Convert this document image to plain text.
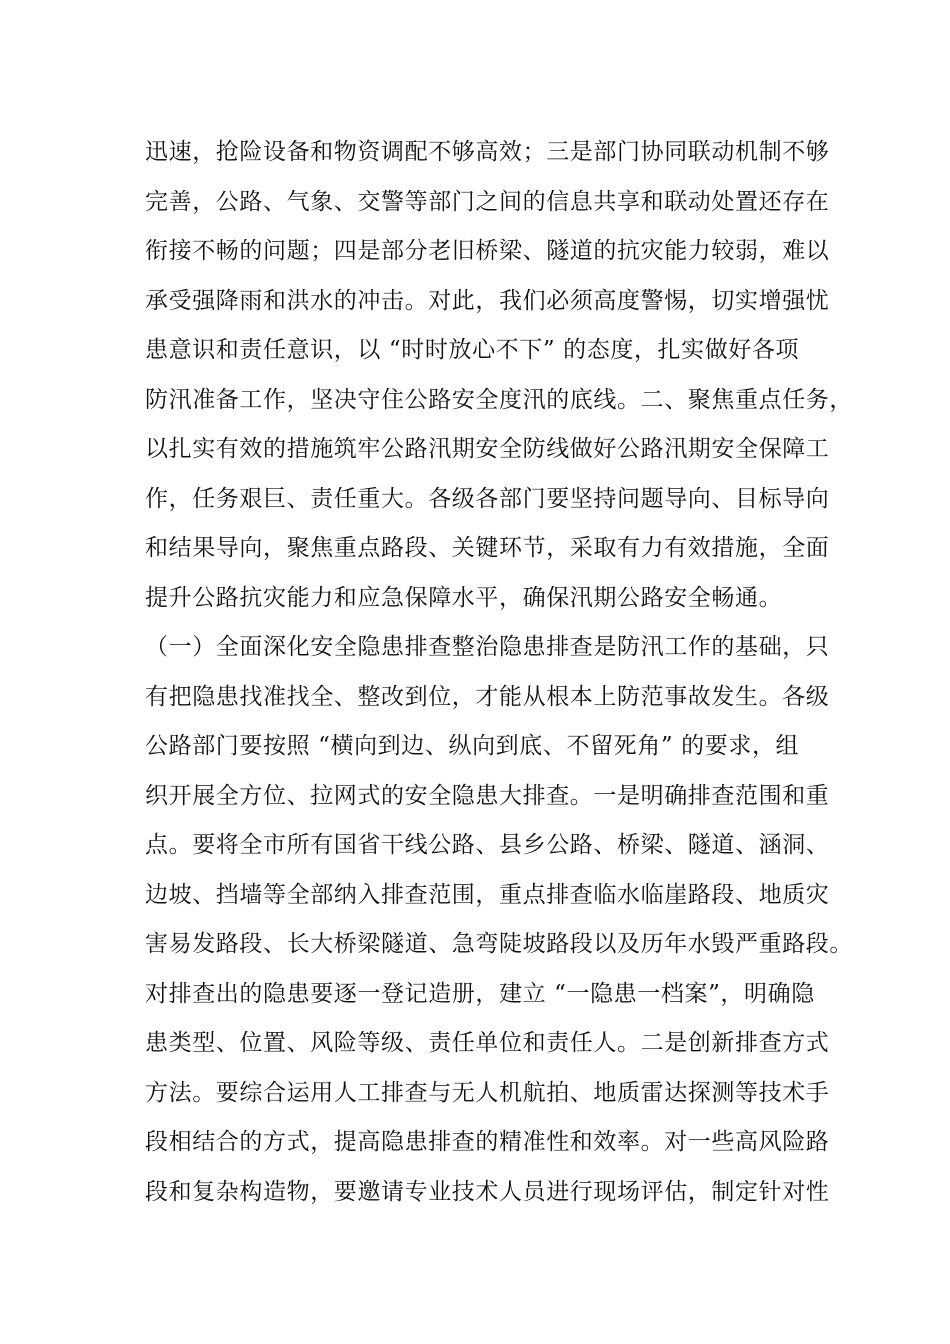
迅速，抢险设备和物资调配不够高效；三是部门协同联动机制不够
完善，公路、气象、交警等部门之间的信息共享和联动处置还存在
衔接不畅的问题；四是部分老旧桥梁、隧道的抗灾能力较弱，难以
承受强降雨和洪水的冲击。对此，我们必须高度警惕，切实增强忧
患意识和责任意识，以 “时时放心不下” 的态度，扎实做好各项
防汛准备工作，坚决守住公路安全度汛的底线。二、聚焦重点任务，
以扎实有效的措施筑牢公路汛期安全防线做好公路汛期安全保障工
作，任务艰巨、责任重大。各级各部门要坚持问题导向、目标导向
和结果导向，聚焦重点路段、关键环节，采取有力有效措施，全面
提升公路抗灾能力和应急保障水平，确保汛期公路安全畅通。
（一）全面深化安全隐患排查整治隐患排查是防汛工作的基础，只
有把隐患找准找全、整改到位，才能从根本上防范事故发生。各级
公路部门要按照 “横向到边、纵向到底、不留死角” 的要求，组
织开展全方位、拉网式的安全隐患大排查。一是明确排查范围和重
点。要将全市所有国省干线公路、县乡公路、桥梁、隧道、涵洞、
边坡、挡墙等全部纳入排查范围，重点排查临水临崖路段、地质灾
害易发路段、长大桥梁隧道、急弯陡坡路段以及历年水毁严重路段。
对排查出的隐患要逐一登记造册，建立 “一隐患一档案”，明确隐
患类型、位置、风险等级、责任单位和责任人。二是创新排查方式
方法。要综合运用人工排查与无人机航拍、地质雷达探测等技术手
段相结合的方式，提高隐患排查的精准性和效率。对一些高风险路
段和复杂构造物，要邀请专业技术人员进行现场评估，制定针对性
